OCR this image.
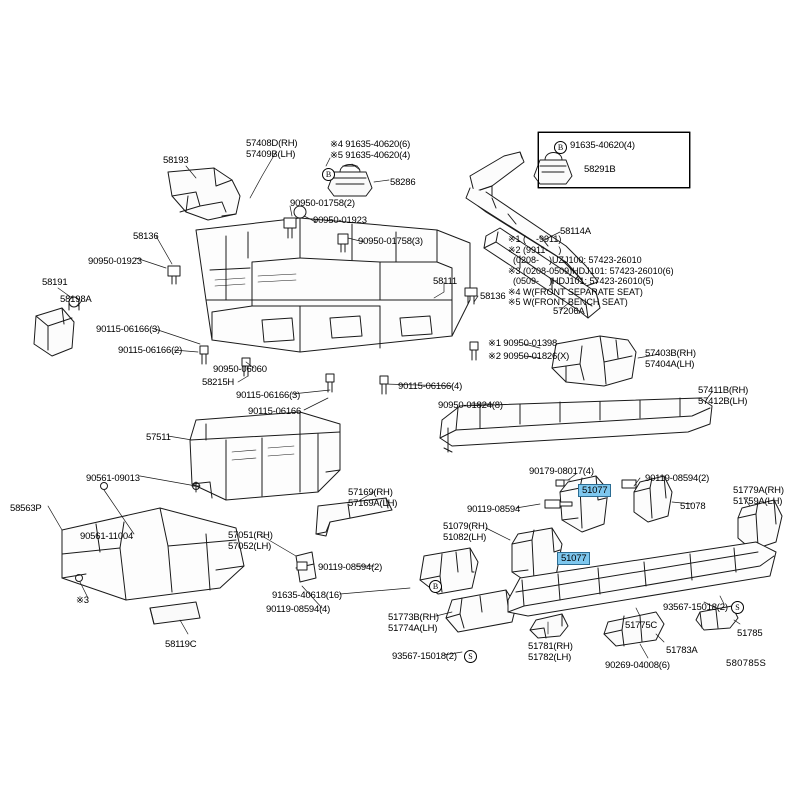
B
B
B
S
S
※1 (    -9911)
※2 (9911-    )
(0208-    )UZJ100: 57423-26010
※3 (0208-0509)HDJ101: 57423-26010(6)
(0509-    )HDJ101: 57423-26010(5)
※4 W(FRONT SEPARATE SEAT)
※5 W(FRONT BENCH SEAT)
91635-40620(4)
58291B
58193
57408D(RH)
57409B(LH)
※4 91635-40620(6)
※5 91635-40620(4)
58286
58114A
58136
90950-01923
90950-01758(2)
90950-01923
90950-01758(3)
58191
58198A
58111
58136
57206A
90115-06166(3)
90115-06166(2)
※1 90950-01398
※2 90950-01826(X)	57403B(RH)
57404A(LH)
90950-06060
58215H
90115-06166(3)
90115-06166(4)
90115-06166
90950-01824(8)
57411B(RH)
57412B(LH)
57511
90561-09013
58563P
90561-11004
57169(RH)
57169A(LH)
57051(RH)
57052(LH)
90119-08594(2)
91635-40618(16)
90119-08594(4)
※3
58119C
51773B(RH)
51774A(LH)
93567-15018(2)
51079(RH)
51082(LH)
90119-08594
90179-08017(4)
51077
51077
90119-08594(2)
51078
51779A(RH)
51759A(LH)
51775C
51781(RH)
51782(LH)
51783A
90269-04008(6)
93567-15018(2)
51785
580785S
